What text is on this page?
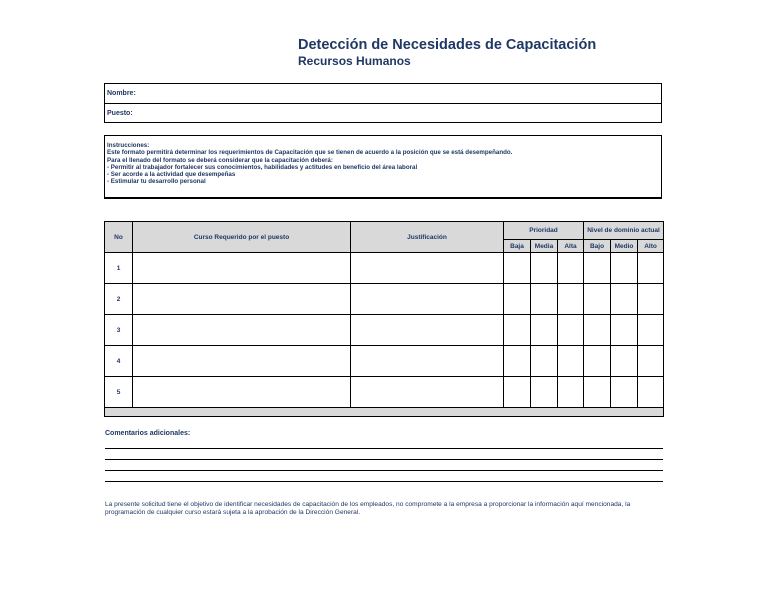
Detección de Necesidades de Capacitación
Recursos Humanos
Nombre:
Puesto:
Instrucciones:
Este formato permitirá determinar los requerimientos de Capacitación que se tienen de acuerdo a la posición que se está desempeñando.
Para el llenado del formato se deberá considerar que la capacitación deberá:
- Permitir al trabajador fortalecer sus conocimientos, habilidades y actitudes en beneficio del área laboral
- Ser acorde a la actividad que desempeñas
- Estimular tu desarrollo personal
No	Curso Requerido por el puesto	Justificación	Prioridad			Nivel de dominio actual		
			Baja	Media	Alta	Bajo	Medio	Alto
1								
2								
3								
4								
5								

Comentarios adicionales:
La presente solicitud tiene el objetivo de identificar necesidades de capacitación de los empleados, no compromete a la empresa a proporcionar la información aquí mencionada, la programación de cualquier curso estará sujeta a la aprobación de la Dirección General.
